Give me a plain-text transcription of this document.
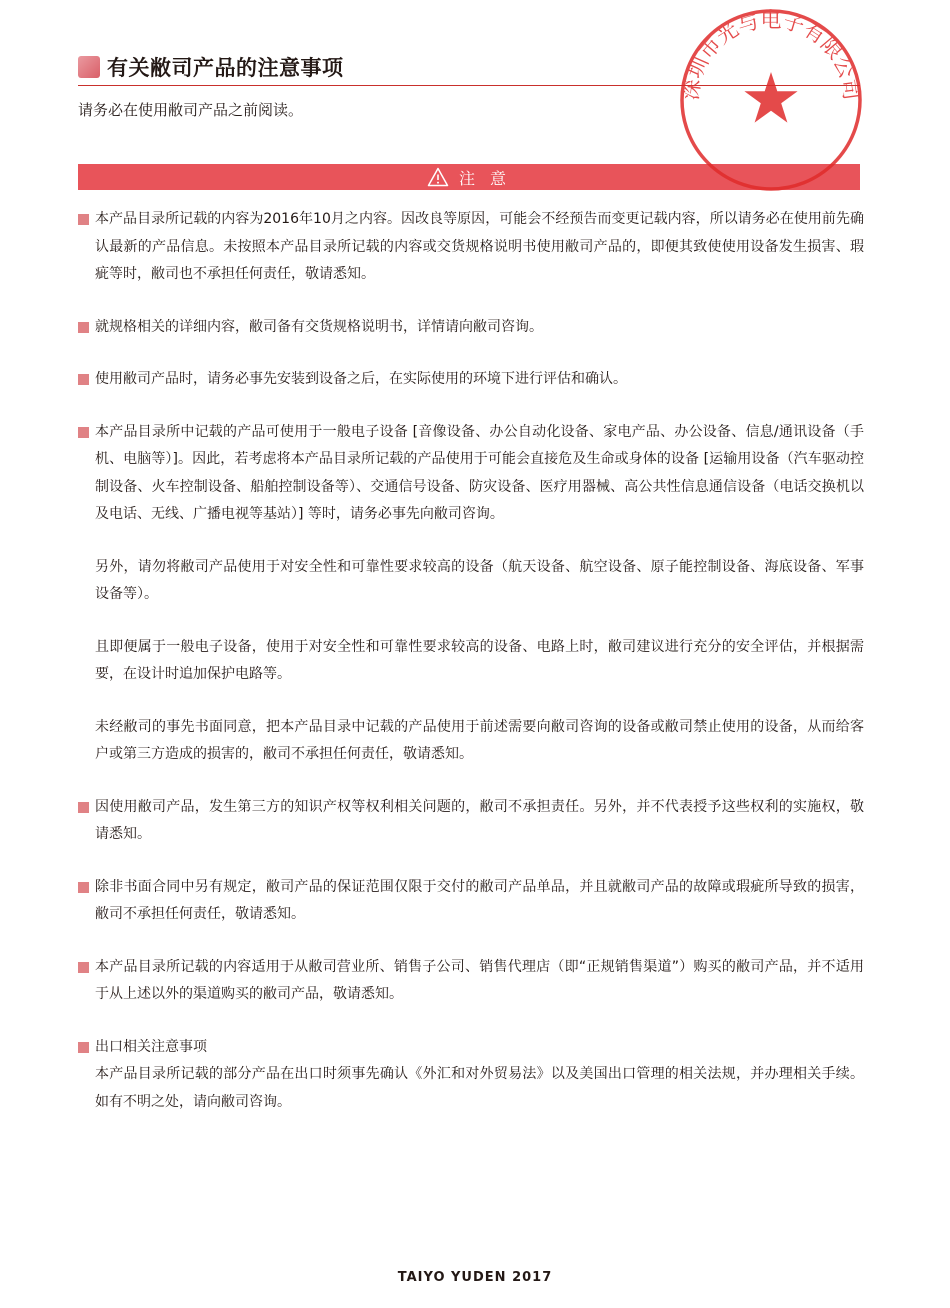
有关敝司产品的注意事项
请务必在使用敝司产品之前阅读。
注 意
本产品目录所记载的内容为2016年10月之内容。因改良等原因，可能会不经预告而变更记载内容，所以请务必在使用前先确认最新的产品信息。未按照本产品目录所记载的内容或交货规格说明书使用敝司产品的，即便其致使使用设备发生损害、瑕疵等时，敝司也不承担任何责任，敬请悉知。
就规格相关的详细内容，敝司备有交货规格说明书，详情请向敝司咨询。
使用敝司产品时，请务必事先安装到设备之后，在实际使用的环境下进行评估和确认。
本产品目录所中记载的产品可使用于一般电子设备 [音像设备、办公自动化设备、家电产品、办公设备、信息/通讯设备（手机、电脑等）]。因此，若考虑将本产品目录所记载的产品使用于可能会直接危及生命或身体的设备 [运输用设备（汽车驱动控制设备、火车控制设备、船舶控制设备等）、交通信号设备、防灾设备、医疗用器械、高公共性信息通信设备（电话交换机以及电话、无线、广播电视等基站）] 等时，请务必事先向敝司咨询。
另外，请勿将敝司产品使用于对安全性和可靠性要求较高的设备（航天设备、航空设备、原子能控制设备、海底设备、军事设备等）。
且即便属于一般电子设备，使用于对安全性和可靠性要求较高的设备、电路上时，敝司建议进行充分的安全评估，并根据需要，在设计时追加保护电路等。
未经敝司的事先书面同意，把本产品目录中记载的产品使用于前述需要向敝司咨询的设备或敝司禁止使用的设备，从而给客户或第三方造成的损害的，敝司不承担任何责任，敬请悉知。
因使用敝司产品，发生第三方的知识产权等权利相关问题的，敝司不承担责任。另外，并不代表授予这些权利的实施权，敬请悉知。
除非书面合同中另有规定，敝司产品的保证范围仅限于交付的敝司产品单品，并且就敝司产品的故障或瑕疵所导致的损害，敝司不承担任何责任，敬请悉知。
本产品目录所记载的内容适用于从敝司营业所、销售子公司、销售代理店（即“正规销售渠道”）购买的敝司产品，并不适用于从上述以外的渠道购买的敝司产品，敬请悉知。
出口相关注意事项
本产品目录所记载的部分产品在出口时须事先确认《外汇和对外贸易法》以及美国出口管理的相关法规，并办理相关手续。如有不明之处，请向敝司咨询。
深圳市光与电子有限公司
TAIYO YUDEN 2017
